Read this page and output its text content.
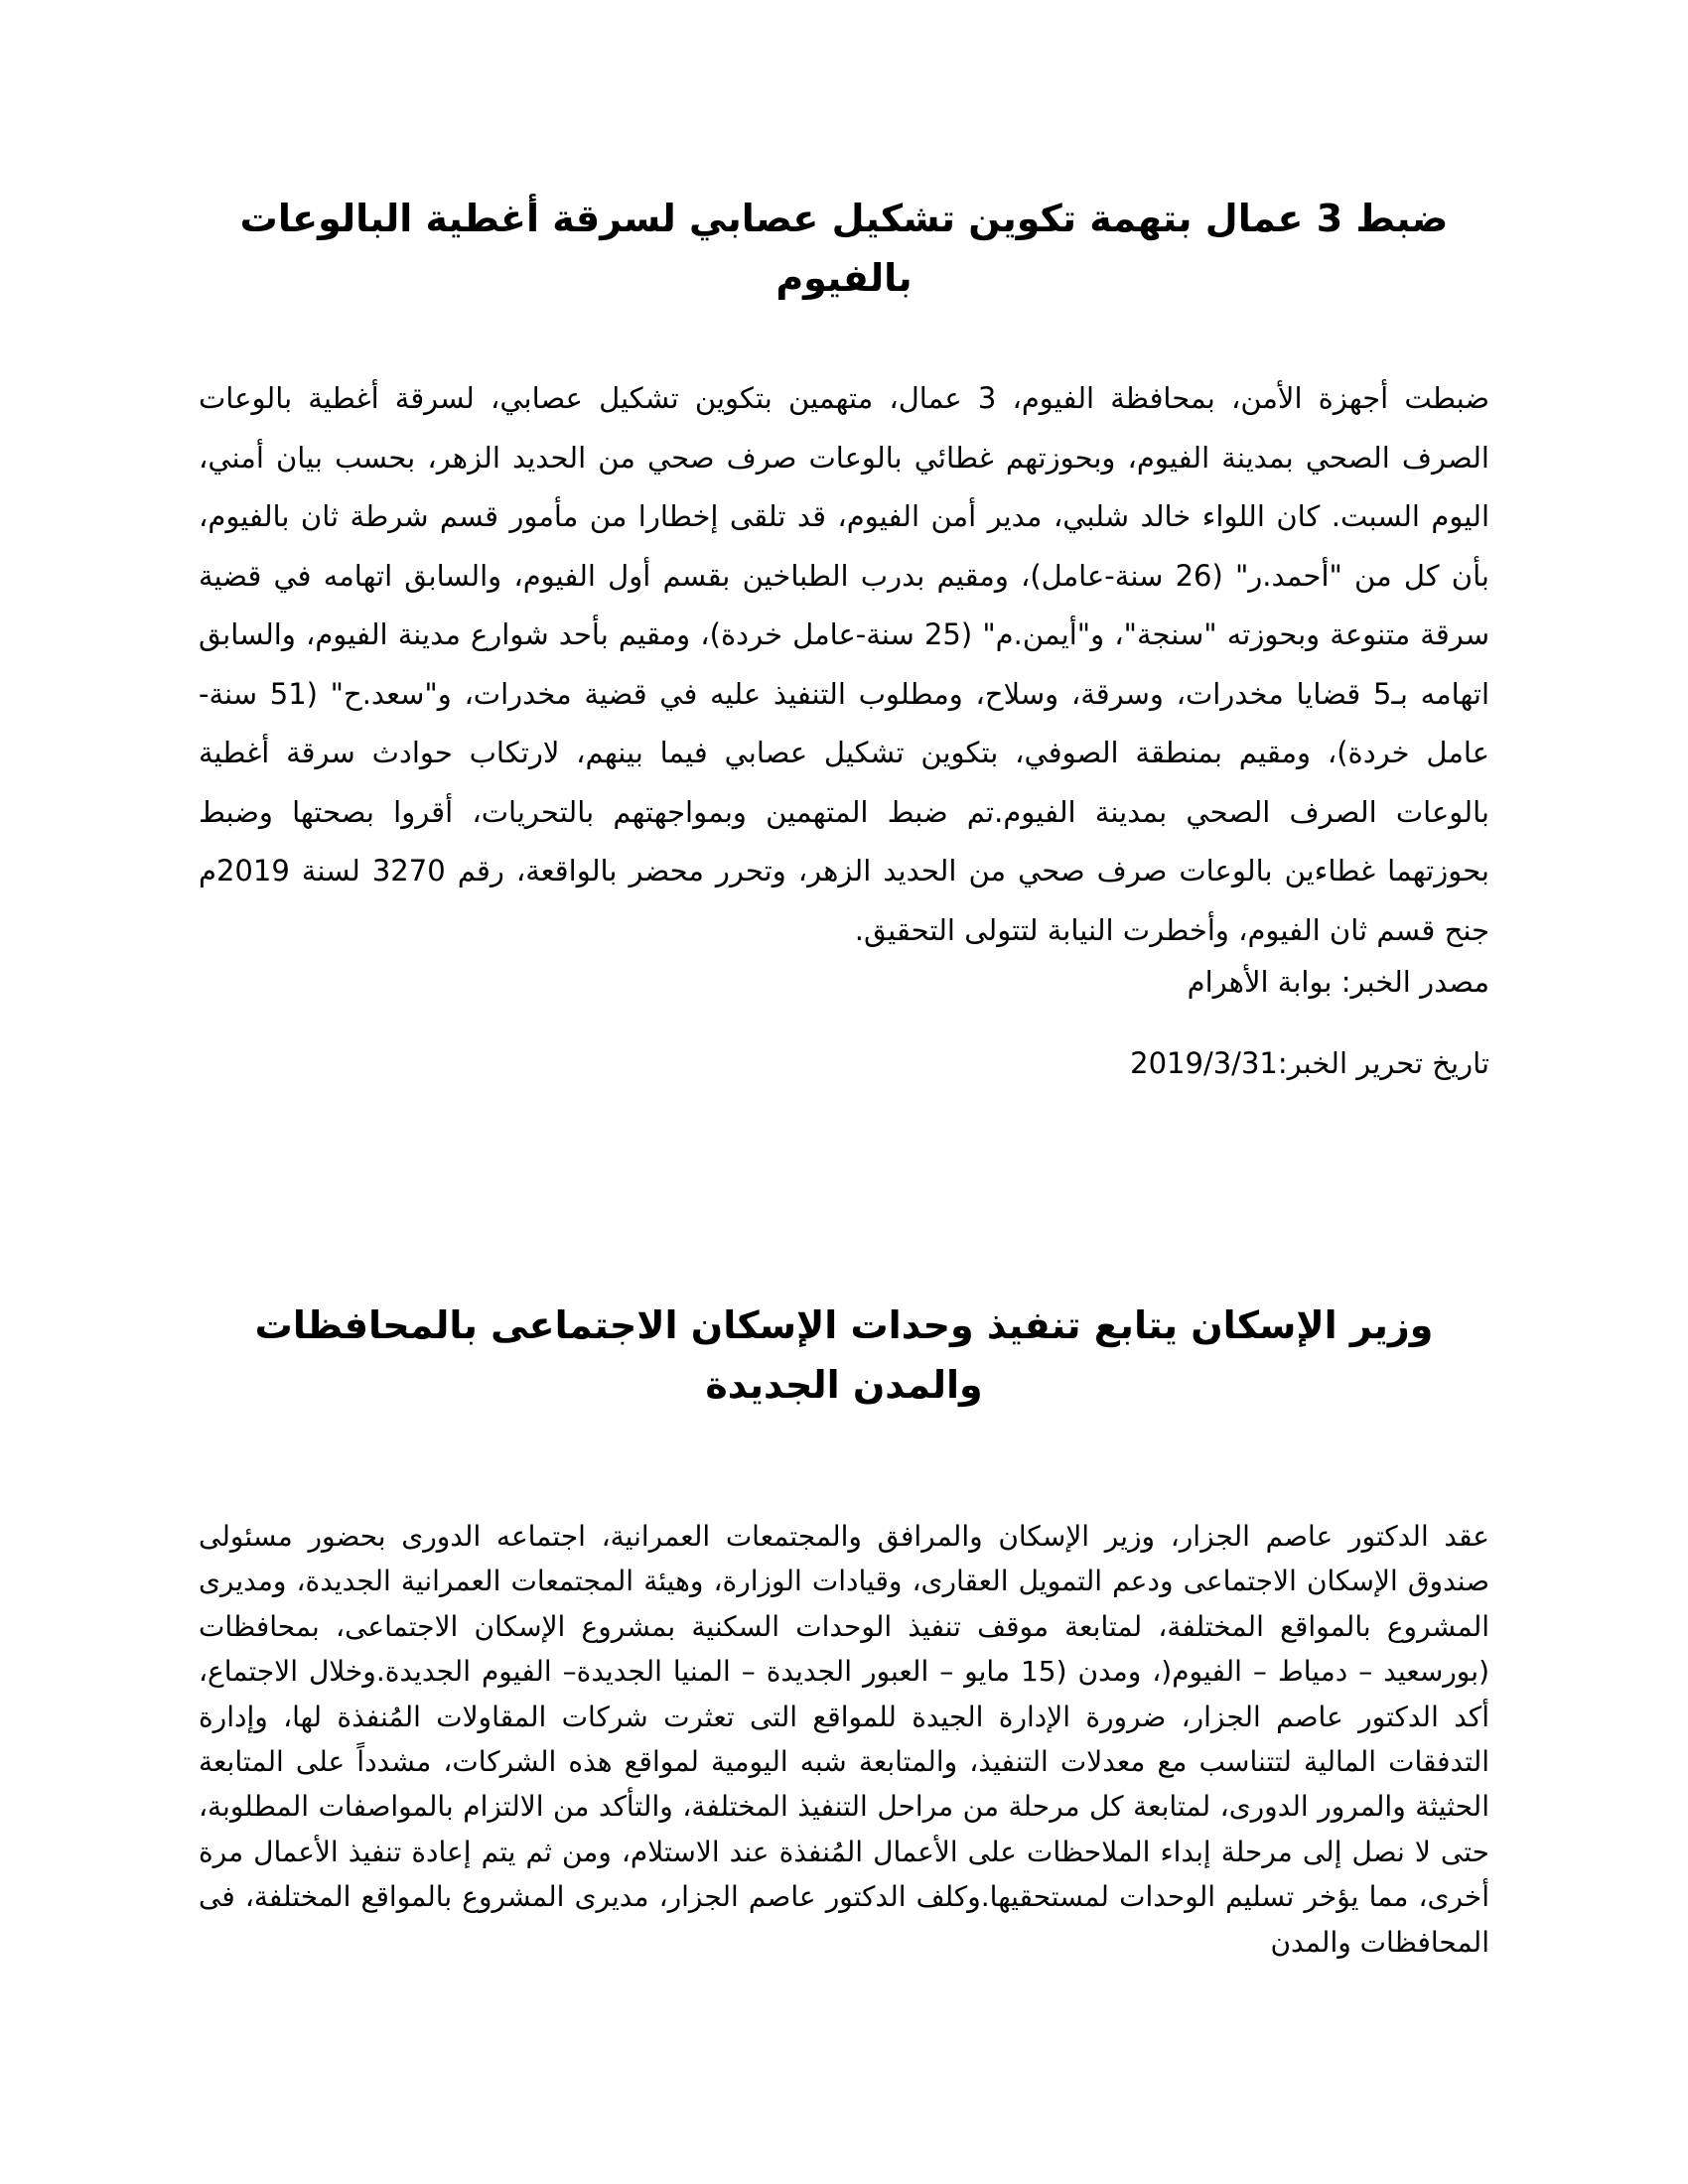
ضبط 3 عمال بتهمة تكوين تشكيل عصابي لسرقة أغطية البالوعات بالفيوم

ضبطت أجهزة الأمن، بمحافظة الفيوم، 3 عمال، متهمين بتكوين تشكيل عصابي، لسرقة أغطية بالوعات الصرف الصحي بمدينة الفيوم، وبحوزتهم غطائي بالوعات صرف صحي من الحديد الزهر، بحسب بيان أمني، اليوم السبت. كان اللواء خالد شلبي، مدير أمن الفيوم، قد تلقى إخطارا من مأمور قسم شرطة ثان بالفيوم، بأن كل من "أحمد.ر" (26 سنة-عامل)، ومقيم بدرب الطباخين بقسم أول الفيوم، والسابق اتهامه في قضية سرقة متنوعة وبحوزته "سنجة"، و"أيمن.م" (25 سنة-عامل خردة)، ومقيم بأحد شوارع مدينة الفيوم، والسابق اتهامه بـ5 قضايا مخدرات، وسرقة، وسلاح، ومطلوب التنفيذ عليه في قضية مخدرات، و"سعد.ح" (51 سنة-عامل خردة)، ومقيم بمنطقة الصوفي، بتكوين تشكيل عصابي فيما بينهم، لارتكاب حوادث سرقة أغطية بالوعات الصرف الصحي بمدينة الفيوم.تم ضبط المتهمين وبمواجهتهم بالتحريات، أقروا بصحتها وضبط بحوزتهما غطاءين بالوعات صرف صحي من الحديد الزهر، وتحرر محضر بالواقعة، رقم 3270 لسنة 2019م جنح قسم ثان الفيوم، وأخطرت النيابة لتتولى التحقيق.

مصدر الخبر: بوابة الأهرام

تاريخ تحرير الخبر:2019/3/31

وزير الإسكان يتابع تنفيذ وحدات الإسكان الاجتماعى بالمحافظات والمدن الجديدة

عقد الدكتور عاصم الجزار، وزير الإسكان والمرافق والمجتمعات العمرانية، اجتماعه الدورى بحضور مسئولى صندوق الإسكان الاجتماعى ودعم التمويل العقارى، وقيادات الوزارة، وهيئة المجتمعات العمرانية الجديدة، ومديرى المشروع بالمواقع المختلفة، لمتابعة موقف تنفيذ الوحدات السكنية بمشروع الإسكان الاجتماعى، بمحافظات (بورسعيد – دمياط – الفيوم(، ومدن (15 مايو – العبور الجديدة – المنيا الجديدة– الفيوم الجديدة.وخلال الاجتماع، أكد الدكتور عاصم الجزار، ضرورة الإدارة الجيدة للمواقع التى تعثرت شركات المقاولات المُنفذة لها، وإدارة التدفقات المالية لتتناسب مع معدلات التنفيذ، والمتابعة شبه اليومية لمواقع هذه الشركات، مشدداً على المتابعة الحثيثة والمرور الدورى، لمتابعة كل مرحلة من مراحل التنفيذ المختلفة، والتأكد من الالتزام بالمواصفات المطلوبة، حتى لا نصل إلى مرحلة إبداء الملاحظات على الأعمال المُنفذة عند الاستلام، ومن ثم يتم إعادة تنفيذ الأعمال مرة أخرى، مما يؤخر تسليم الوحدات لمستحقيها.وكلف الدكتور عاصم الجزار، مديرى المشروع بالمواقع المختلفة، فى المحافظات والمدن
